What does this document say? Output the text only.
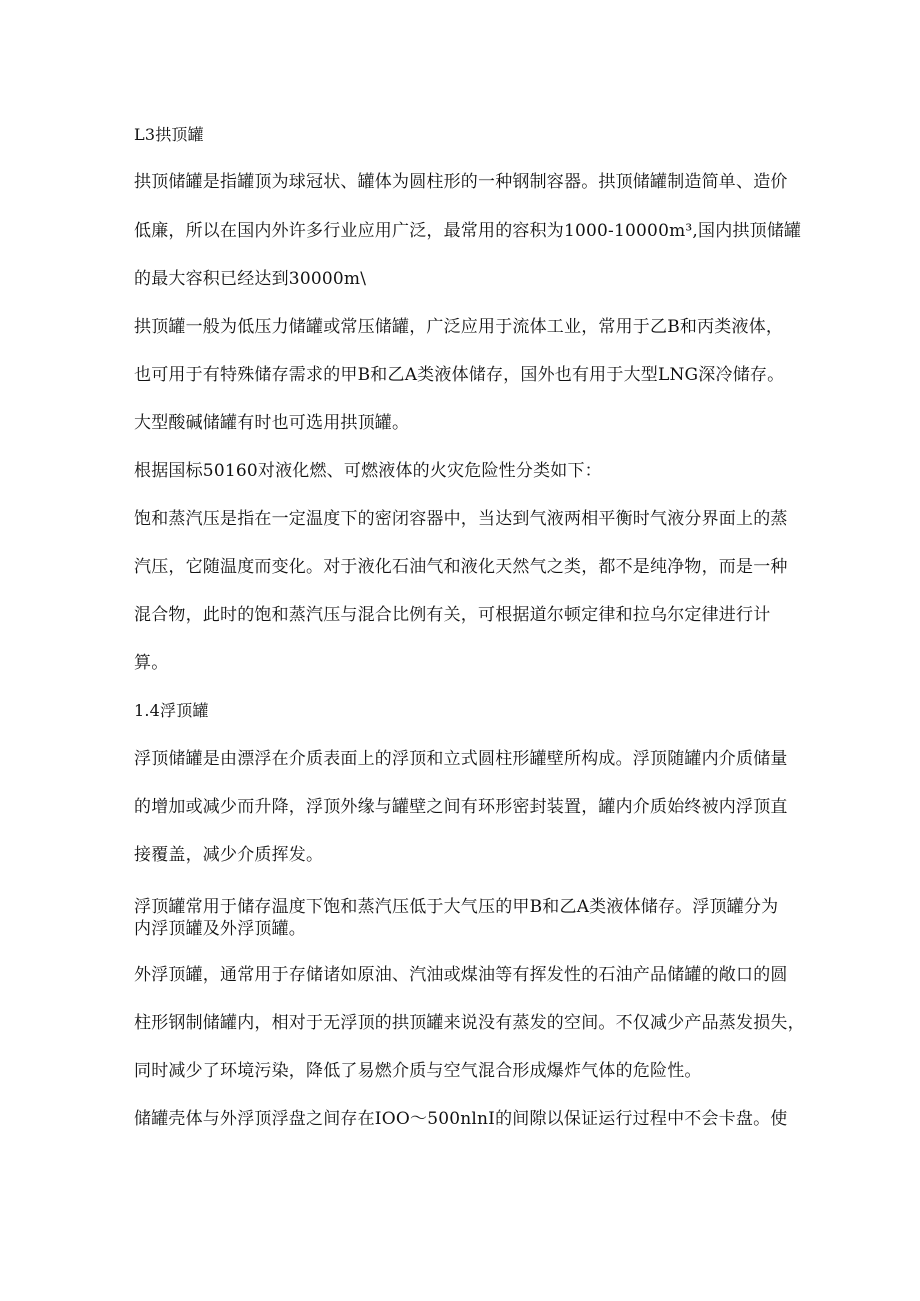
L3拱顶罐
拱顶储罐是指罐顶为球冠状、罐体为圆柱形的一种钢制容器。拱顶储罐制造简单、造价
低廉，所以在国内外许多行业应用广泛，最常用的容积为1000-10000m³,国内拱顶储罐
的最大容积已经达到30000m\
拱顶罐一般为低压力储罐或常压储罐，广泛应用于流体工业，常用于乙B和丙类液体，
也可用于有特殊储存需求的甲B和乙A类液体储存，国外也有用于大型LNG深冷储存。
大型酸碱储罐有时也可选用拱顶罐。
根据国标50160对液化燃、可燃液体的火灾危险性分类如下：
饱和蒸汽压是指在一定温度下的密闭容器中，当达到气液两相平衡时气液分界面上的蒸
汽压，它随温度而变化。对于液化石油气和液化天然气之类，都不是纯净物，而是一种
混合物，此时的饱和蒸汽压与混合比例有关，可根据道尔顿定律和拉乌尔定律进行计
算。
1.4浮顶罐
浮顶储罐是由漂浮在介质表面上的浮顶和立式圆柱形罐壁所构成。浮顶随罐内介质储量
的增加或减少而升降，浮顶外缘与罐壁之间有环形密封装置，罐内介质始终被内浮顶直
接覆盖，减少介质挥发。
浮顶罐常用于储存温度下饱和蒸汽压低于大气压的甲B和乙A类液体储存。浮顶罐分为
内浮顶罐及外浮顶罐。
外浮顶罐，通常用于存储诸如原油、汽油或煤油等有挥发性的石油产品储罐的敞口的圆
柱形钢制储罐内，相对于无浮顶的拱顶罐来说没有蒸发的空间。不仅减少产品蒸发损失，
同时减少了环境污染，降低了易燃介质与空气混合形成爆炸气体的危险性。
储罐壳体与外浮顶浮盘之间存在IOO～500nlnI的间隙以保证运行过程中不会卡盘。使
